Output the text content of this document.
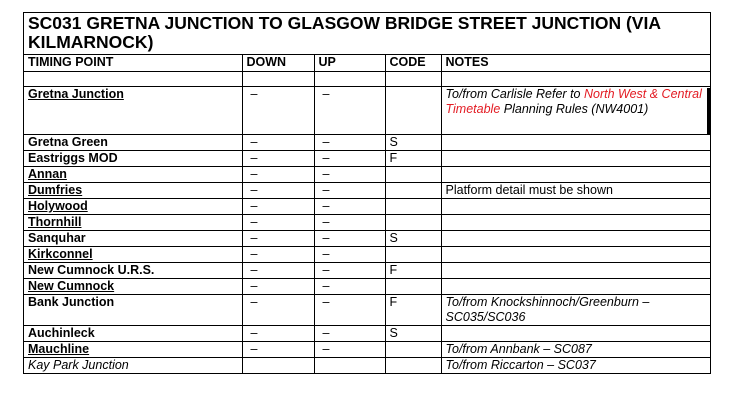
SC031 GRETNA JUNCTION TO GLASGOW BRIDGE STREET JUNCTION (VIA KILMARNOCK)
TIMING POINT	DOWN	UP	CODE	NOTES

Gretna Junction	–	–		To/from Carlisle Refer to North West & Central Timetable Planning Rules (NW4001)
Gretna Green	–	–	S	
Eastriggs MOD	–	–	F	
Annan	–	–		
Dumfries	–	–		Platform detail must be shown
Holywood	–	–		
Thornhill	–	–		
Sanquhar	–	–	S	
Kirkconnel	–	–		
New Cumnock U.R.S.	–	–	F	
New Cumnock	–	–		
Bank Junction	–	–	F	To/from Knockshinnoch/Greenburn – SC035/SC036
Auchinleck	–	–	S	
Mauchline	–	–		To/from Annbank – SC087
Kay Park Junction				To/from Riccarton – SC037
